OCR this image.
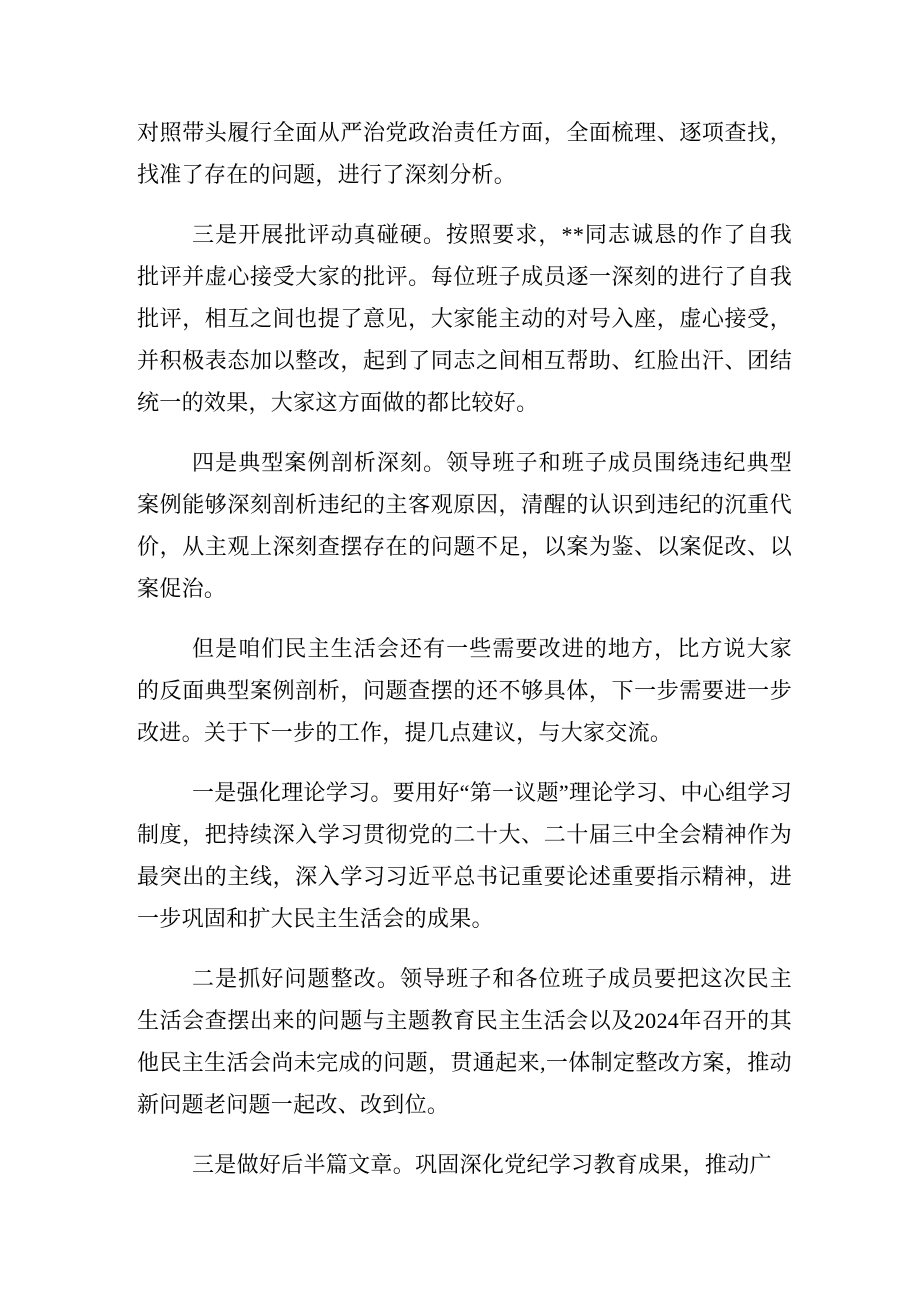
对照带头履行全面从严治党政治责任方面，全面梳理、逐项查找，找准了存在的问题，进行了深刻分析。

三是开展批评动真碰硬。按照要求，**同志诚恳的作了自我批评并虚心接受大家的批评。每位班子成员逐一深刻的进行了自我批评，相互之间也提了意见，大家能主动的对号入座，虚心接受，并积极表态加以整改，起到了同志之间相互帮助、红脸出汗、团结统一的效果，大家这方面做的都比较好。

四是典型案例剖析深刻。领导班子和班子成员围绕违纪典型案例能够深刻剖析违纪的主客观原因，清醒的认识到违纪的沉重代价，从主观上深刻查摆存在的问题不足，以案为鉴、以案促改、以案促治。

但是咱们民主生活会还有一些需要改进的地方，比方说大家的反面典型案例剖析，问题查摆的还不够具体，下一步需要进一步改进。关于下一步的工作，提几点建议，与大家交流。

一是强化理论学习。要用好“第一议题”理论学习、中心组学习制度，把持续深入学习贯彻党的二十大、二十届三中全会精神作为最突出的主线，深入学习习近平总书记重要论述重要指示精神，进一步巩固和扩大民主生活会的成果。

二是抓好问题整改。领导班子和各位班子成员要把这次民主生活会查摆出来的问题与主题教育民主生活会以及2024年召开的其他民主生活会尚未完成的问题，贯通起来,一体制定整改方案，推动新问题老问题一起改、改到位。

三是做好后半篇文章。巩固深化党纪学习教育成果，推动广
